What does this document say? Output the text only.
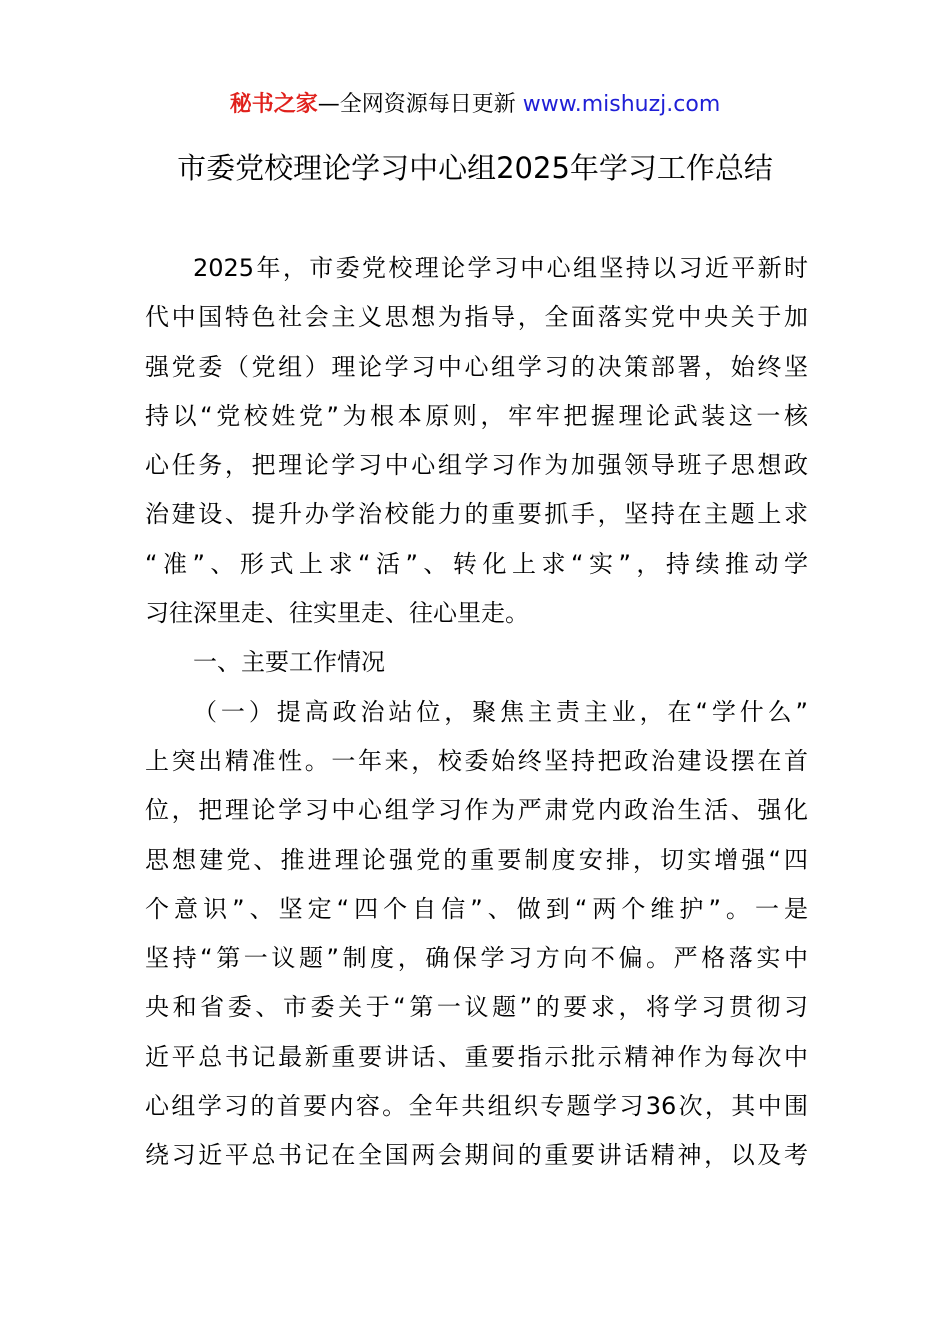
秘书之家—全网资源每日更新 www.mishuzj.com
市委党校理论学习中心组2025年学习工作总结
2025年，市委党校理论学习中心组坚持以习近平新时
代中国特色社会主义思想为指导，全面落实党中央关于加
强党委（党组）理论学习中心组学习的决策部署，始终坚
持以“党校姓党”为根本原则，牢牢把握理论武装这一核
心任务，把理论学习中心组学习作为加强领导班子思想政
治建设、提升办学治校能力的重要抓手，坚持在主题上求
“准”、形式上求“活”、转化上求“实”，持续推动学
习往深里走、往实里走、往心里走。
一、主要工作情况
（一）提高政治站位，聚焦主责主业，在“学什么”
上突出精准性。一年来，校委始终坚持把政治建设摆在首
位，把理论学习中心组学习作为严肃党内政治生活、强化
思想建党、推进理论强党的重要制度安排，切实增强“四
个意识”、坚定“四个自信”、做到“两个维护”。一是
坚持“第一议题”制度，确保学习方向不偏。严格落实中
央和省委、市委关于“第一议题”的要求，将学习贯彻习
近平总书记最新重要讲话、重要指示批示精神作为每次中
心组学习的首要内容。全年共组织专题学习36次，其中围
绕习近平总书记在全国两会期间的重要讲话精神，以及考
